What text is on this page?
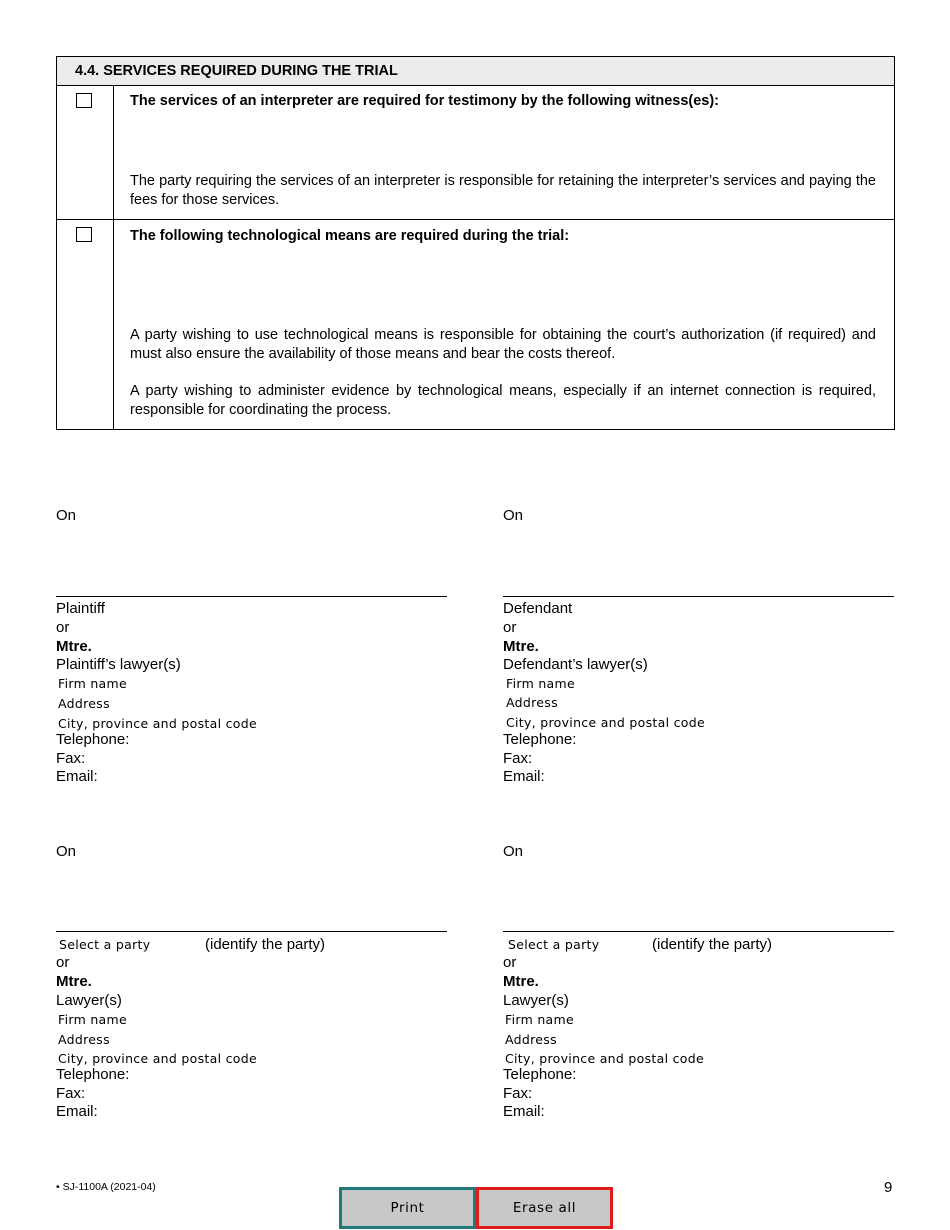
4.4. SERVICES REQUIRED DURING THE TRIAL
The services of an interpreter are required for testimony by the following witness(es):
The party requiring the services of an interpreter is responsible for retaining the interpreter’s services and paying the fees for those services.
The following technological means are required during the trial:
A party wishing to use technological means is responsible for obtaining the court’s authorization (if required) and must also ensure the availability of those means and bear the costs thereof.
A party wishing to administer evidence by technological means, especially if an internet connection is required, responsible for coordinating the process.
On
Plaintiff
or
Mtre.
Plaintiff’s lawyer(s)
Firm name
Address
City, province and postal code
Telephone:
Fax:
Email:
On
Defendant
or
Mtre.
Defendant’s lawyer(s)
Firm name
Address
City, province and postal code
Telephone:
Fax:
Email:
On
Select a party	(identify the party)
or
Mtre.
Lawyer(s)
Firm name
Address
City, province and postal code
Telephone:
Fax:
Email:
On
Select a party	(identify the party)
or
Mtre.
Lawyer(s)
Firm name
Address
City, province and postal code
Telephone:
Fax:
Email:
• SJ-1100A (2021-04)	9
Print	Erase all
